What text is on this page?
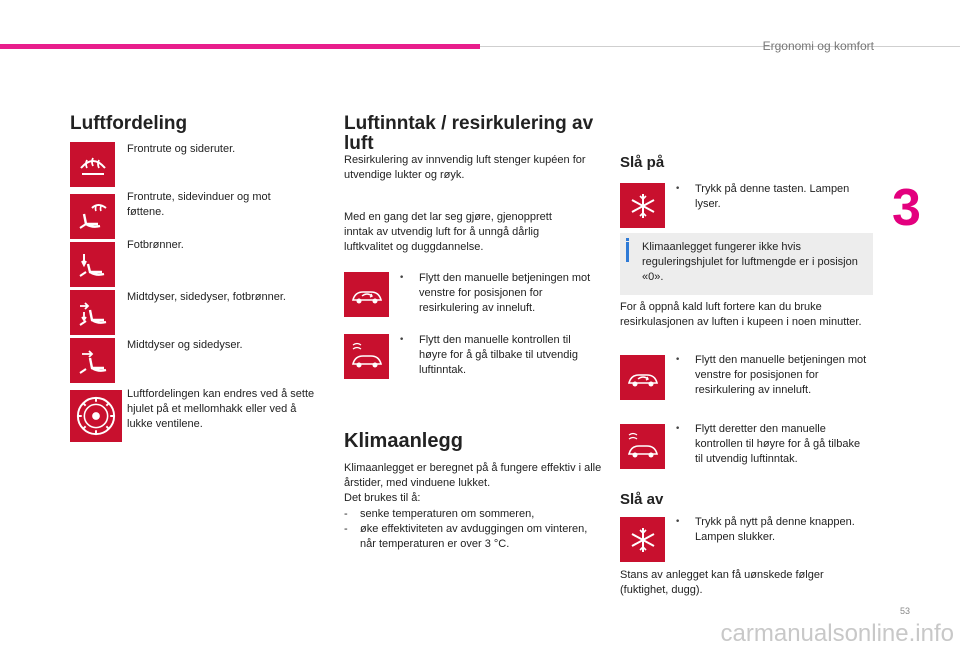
Ergonomi og komfort
3
53
carmanualsonline.info
Luftfordeling
Frontrute og sideruter.
Frontrute, sidevinduer og mot føttene.
Fotbrønner.
Midtdyser, sidedyser, fotbrønner.
Midtdyser og sidedyser.
Luftfordelingen kan endres ved å sette hjulet på et mellomhakk eller ved å lukke ventilene.
Luftinntak / resirkulering av luft
Resirkulering av innvendig luft stenger kupéen for utvendige lukter og røyk.
Med en gang det lar seg gjøre, gjenopprett inntak av utvendig luft for å unngå dårlig luftkvalitet og duggdannelse.
• Flytt den manuelle betjeningen mot venstre for posisjonen for resirkulering av inneluft.
• Flytt den manuelle kontrollen til høyre for å gå tilbake til utvendig luftinntak.
Klimaanlegg
Klimaanlegget er beregnet på å fungere effektiv i alle årstider, med vinduene lukket.
Det brukes til å:
-	senke temperaturen om sommeren,
-	øke effektiviteten av avduggingen om vinteren, når temperaturen er over 3 °C.
Slå på
• Trykk på denne tasten. Lampen lyser.
Klimaanlegget fungerer ikke hvis reguleringshjulet for luftmengde er i posisjon «0».
For å oppnå kald luft fortere kan du bruke resirkulasjonen av luften i kupeen i noen minutter.
• Flytt den manuelle betjeningen mot venstre for posisjonen for resirkulering av inneluft.
• Flytt deretter den manuelle kontrollen til høyre for å gå tilbake til utvendig luftinntak.
Slå av
• Trykk på nytt på denne knappen. Lampen slukker.
Stans av anlegget kan få uønskede følger (fuktighet, dugg).
